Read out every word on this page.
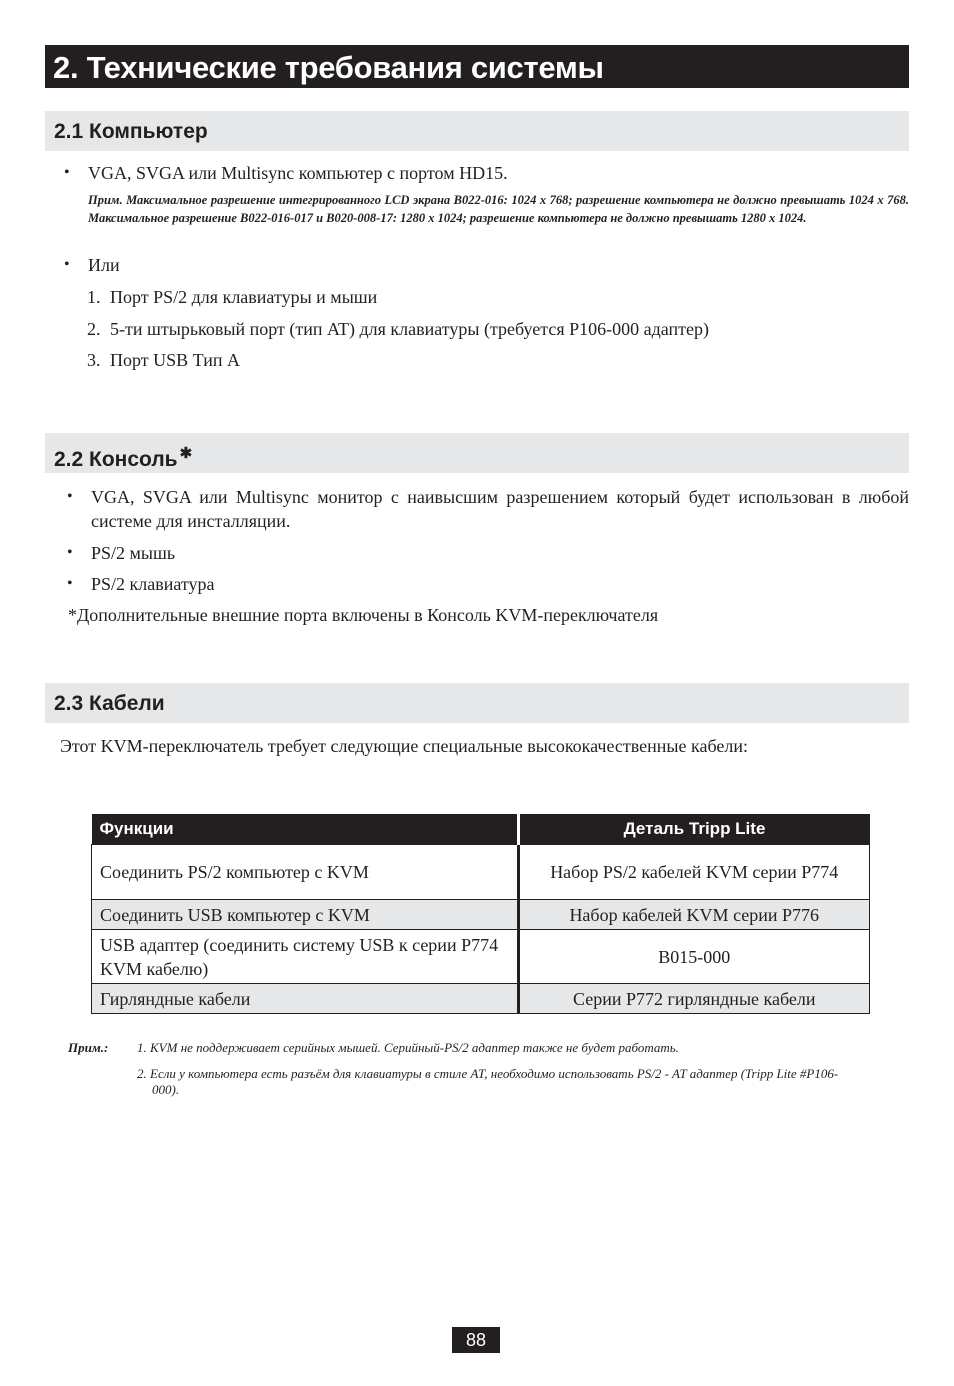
2. Технические требования системы
2.1 Компьютер
• VGA, SVGA или Multisync компьютер с портом HD15.
Прим. Максимальное разрешение интегрированного LCD экрана B022-016: 1024 x 768; разрешение компьютера не должно превышать 1024 x 768. Максимальное разрешение B022-016-017 и B020-008-17: 1280 x 1024; разрешение компьютера не должно превышать 1280 x 1024.
• Или
1. Порт PS/2 для клавиатуры и мыши
2. 5-ти штырьковый порт (тип AT) для клавиатуры (требуется P106-000 адаптер)
3. Порт USB Тип А
2.2 Консоль ✱
• VGA, SVGA или Multisync монитор с наивысшим разрешением который будет использован в любой системе для инсталляции.
• PS/2 мышь
• PS/2 клавиатура
*Дополнительные внешние порта включены в Консоль KVM-переключателя
2.3 Кабели
Этот KVM-переключатель требует следующие специальные высококачественные кабели:
Функции	Деталь Tripp Lite
Соединить PS/2 компьютер с KVM	Набор PS/2 кабелей KVM серии P774
Соединить USB компьютер с KVM	Набор кабелей KVM серии P776
USB адаптер (соединить систему USB к серии P774 KVM кабелю)	B015-000
Гирляндные кабели	Серии P772 гирляндные кабели
Прим.: 1. KVM не поддерживает серийных мышей. Серийный-PS/2 адаптер также не будет работать.
2. Если у компьютера есть разъём для клавиатуры в стиле AT, необходимо использовать PS/2 - AT адаптер (Tripp Lite #P106-000).
88
